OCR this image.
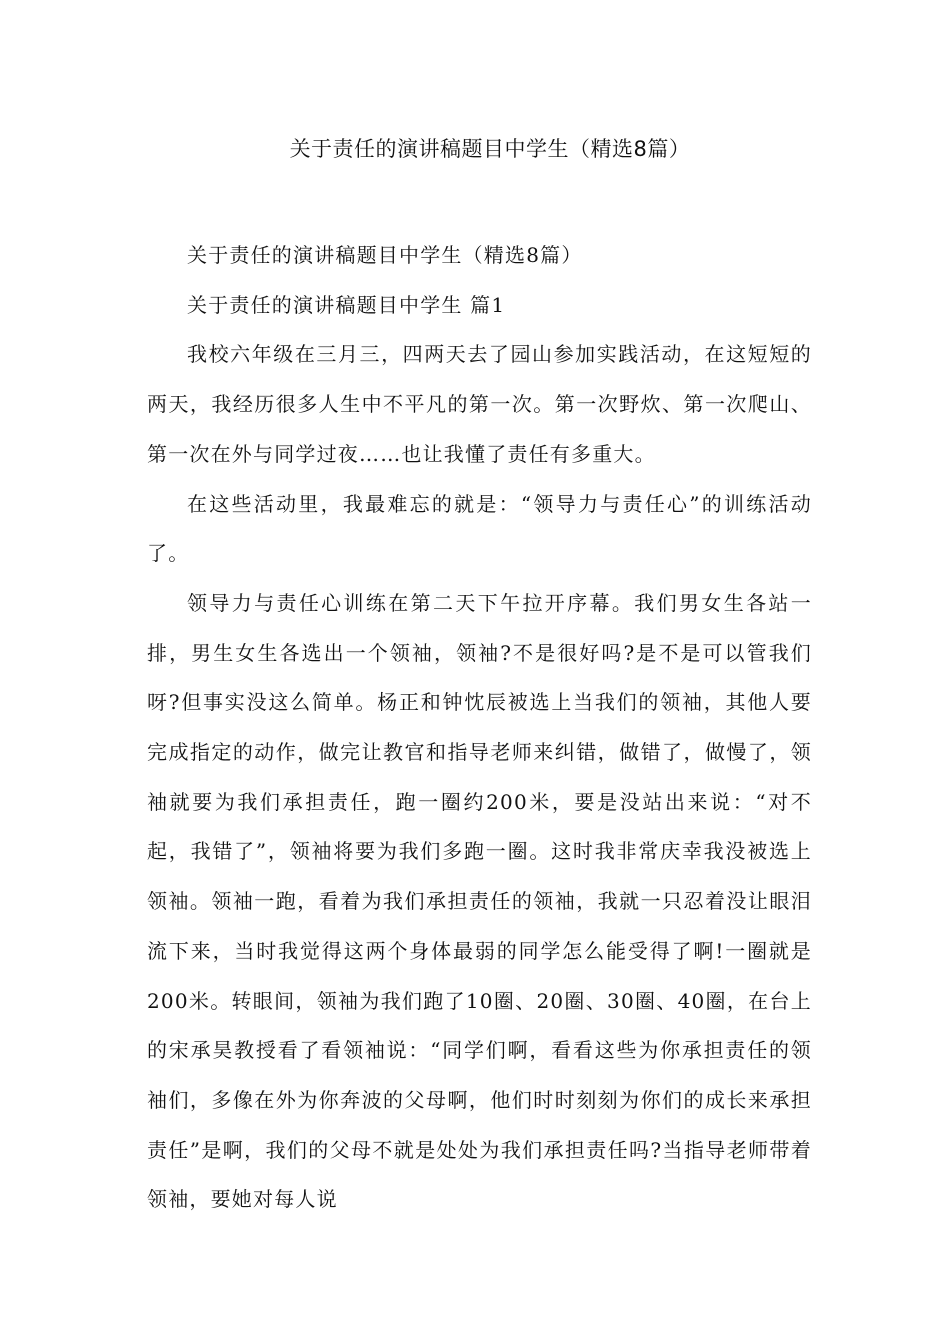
关于责任的演讲稿题目中学生（精选8篇）

关于责任的演讲稿题目中学生（精选8篇）

关于责任的演讲稿题目中学生 篇1

我校六年级在三月三，四两天去了园山参加实践活动，在这短短的两天，我经历很多人生中不平凡的第一次。第一次野炊、第一次爬山、第一次在外与同学过夜……也让我懂了责任有多重大。

在这些活动里，我最难忘的就是：“领导力与责任心”的训练活动了。

领导力与责任心训练在第二天下午拉开序幕。我们男女生各站一排，男生女生各选出一个领袖，领袖?不是很好吗?是不是可以管我们呀?但事实没这么简单。杨正和钟忱辰被选上当我们的领袖，其他人要完成指定的动作，做完让教官和指导老师来纠错，做错了，做慢了，领袖就要为我们承担责任，跑一圈约200米，要是没站出来说：“对不起，我错了”，领袖将要为我们多跑一圈。这时我非常庆幸我没被选上领袖。领袖一跑，看着为我们承担责任的领袖，我就一只忍着没让眼泪流下来，当时我觉得这两个身体最弱的同学怎么能受得了啊!一圈就是200米。转眼间，领袖为我们跑了10圈、20圈、30圈、40圈，在台上的宋承昊教授看了看领袖说：“同学们啊，看看这些为你承担责任的领袖们，多像在外为你奔波的父母啊，他们时时刻刻为你们的成长来承担责任”是啊，我们的父母不就是处处为我们承担责任吗?当指导老师带着领袖，要她对每人说
